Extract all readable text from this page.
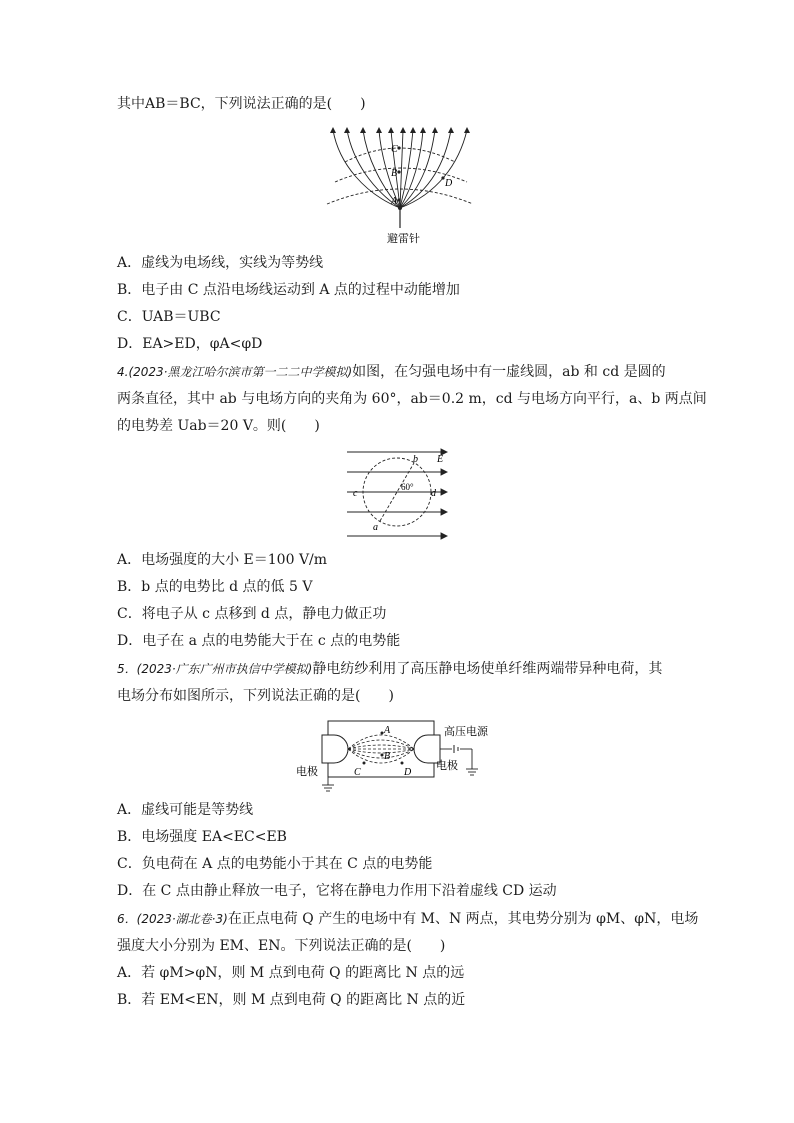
其中AB＝BC，下列说法正确的是(　　)
C
B
A
D
避雷针
A．虚线为电场线，实线为等势线
B．电子由 C 点沿电场线运动到 A 点的过程中动能增加
C．UAB＝UBC
D．EA>ED，φA<φD
4.(2023·黑龙江哈尔滨市第一二二中学模拟)如图，在匀强电场中有一虚线圆，ab 和 cd 是圆的
两条直径，其中 ab 与电场方向的夹角为 60°，ab＝0.2 m，cd 与电场方向平行，a、b 两点间
的电势差 Uab＝20 V。则(　　)
E
b
c	d
a
60°
A．电场强度的大小 E＝100 V/m
B．b 点的电势比 d 点的低 5 V
C．将电子从 c 点移到 d 点，静电力做正功
D．电子在 a 点的电势能大于在 c 点的电势能
5．(2023·广东广州市执信中学模拟)静电纺纱利用了高压静电场使单纤维两端带异种电荷，其
电场分布如图所示，下列说法正确的是(　　)
A
B
C	D
高压电源
电极
电极
A．虚线可能是等势线
B．电场强度 EA<EC<EB
C．负电荷在 A 点的电势能小于其在 C 点的电势能
D．在 C 点由静止释放一电子，它将在静电力作用下沿着虚线 CD 运动
6．(2023·湖北卷·3)在正点电荷 Q 产生的电场中有 M、N 两点，其电势分别为 φM、φN，电场
强度大小分别为 EM、EN。下列说法正确的是(　　)
A．若 φM>φN，则 M 点到电荷 Q 的距离比 N 点的远
B．若 EM<EN，则 M 点到电荷 Q 的距离比 N 点的近
